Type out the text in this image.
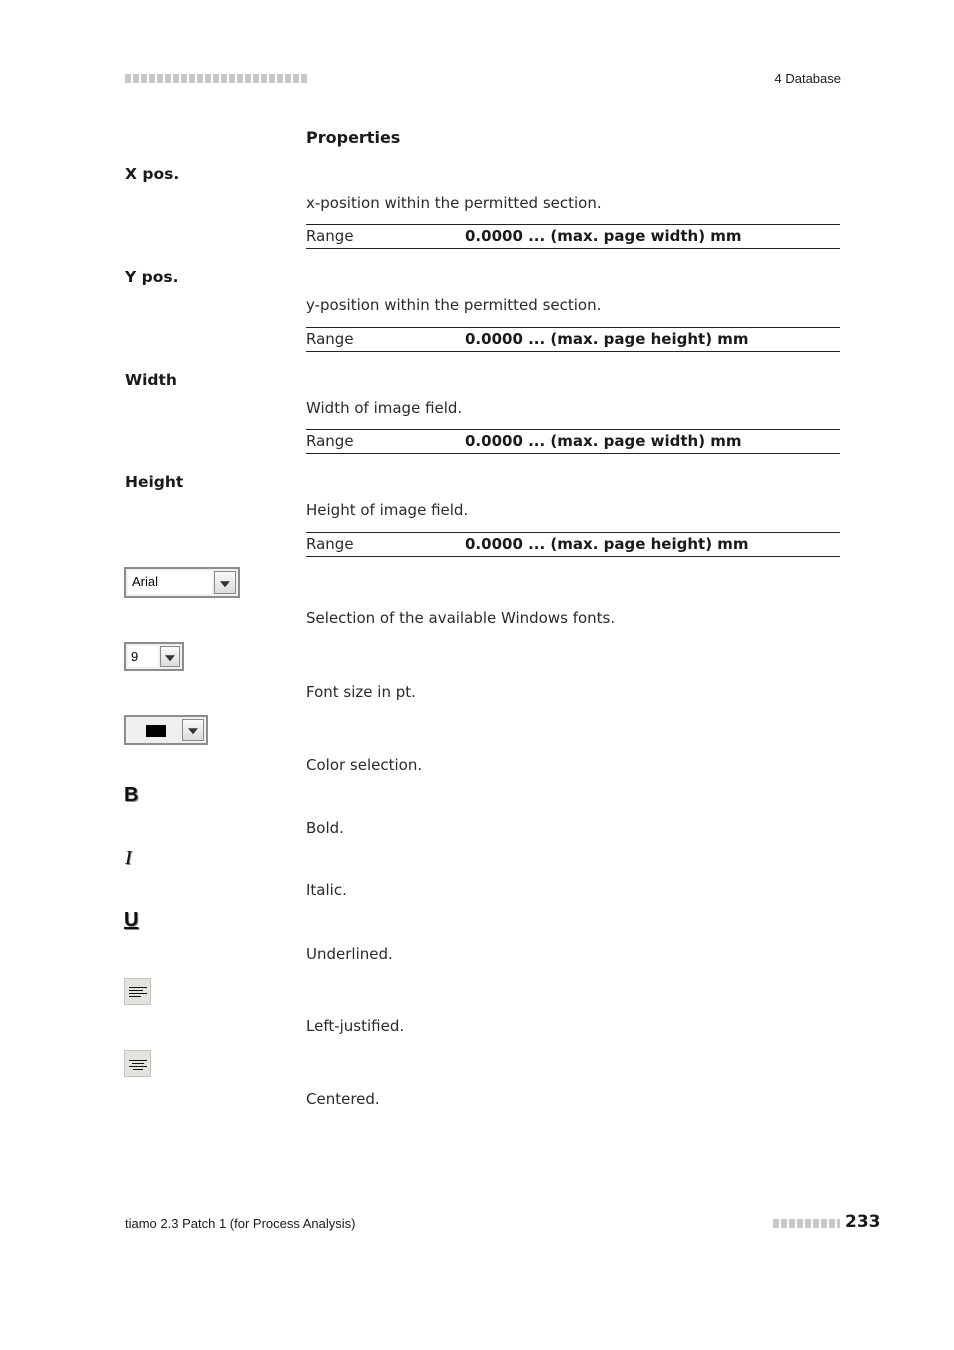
4 Database
Properties
X pos.
x-position within the permitted section.
Range	0.0000 ... (max. page width) mm
Y pos.
y-position within the permitted section.
Range	0.0000 ... (max. page height) mm
Width
Width of image field.
Range	0.0000 ... (max. page width) mm
Height
Height of image field.
Range	0.0000 ... (max. page height) mm
Arial
Selection of the available Windows fonts.
9
Font size in pt.
Color selection.
B
Bold.
I
Italic.
U
Underlined.
Left-justified.
Centered.
tiamo 2.3 Patch 1 (for Process Analysis)	233
